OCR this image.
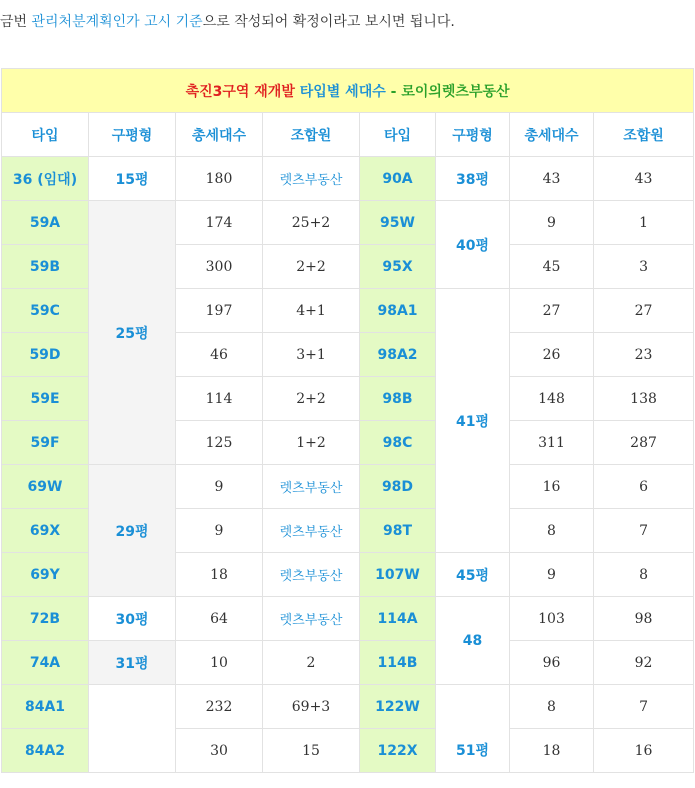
금번 관리처분계획인가 고시 기준으로 작성되어 확정이라고 보시면 됩니다.
촉진3구역 재개발 타입별 세대수 - 로이의렛츠부동산							
타입	구평형	총세대수	조합원	타입	구평형	총세대수	조합원
36 (임대)	15평	180	렛츠부동산	90A	38평	43	43
59A	25평	174	25+2	95W	40평	9	1
59B		300	2+2	95X		45	3
59C		197	4+1	98A1	41평	27	27
59D		46	3+1	98A2		26	23
59E		114	2+2	98B		148	138
59F		125	1+2	98C		311	287
69W	29평	9	렛츠부동산	98D		16	6
69X		9	렛츠부동산	98T		8	7
69Y		18	렛츠부동산	107W	45평	9	8
72B	30평	64	렛츠부동산	114A	48	103	98
74A	31평	10	2	114B		96	92
84A1		232	69+3	122W	51평	8	7
84A2		30	15	122X		18	16
